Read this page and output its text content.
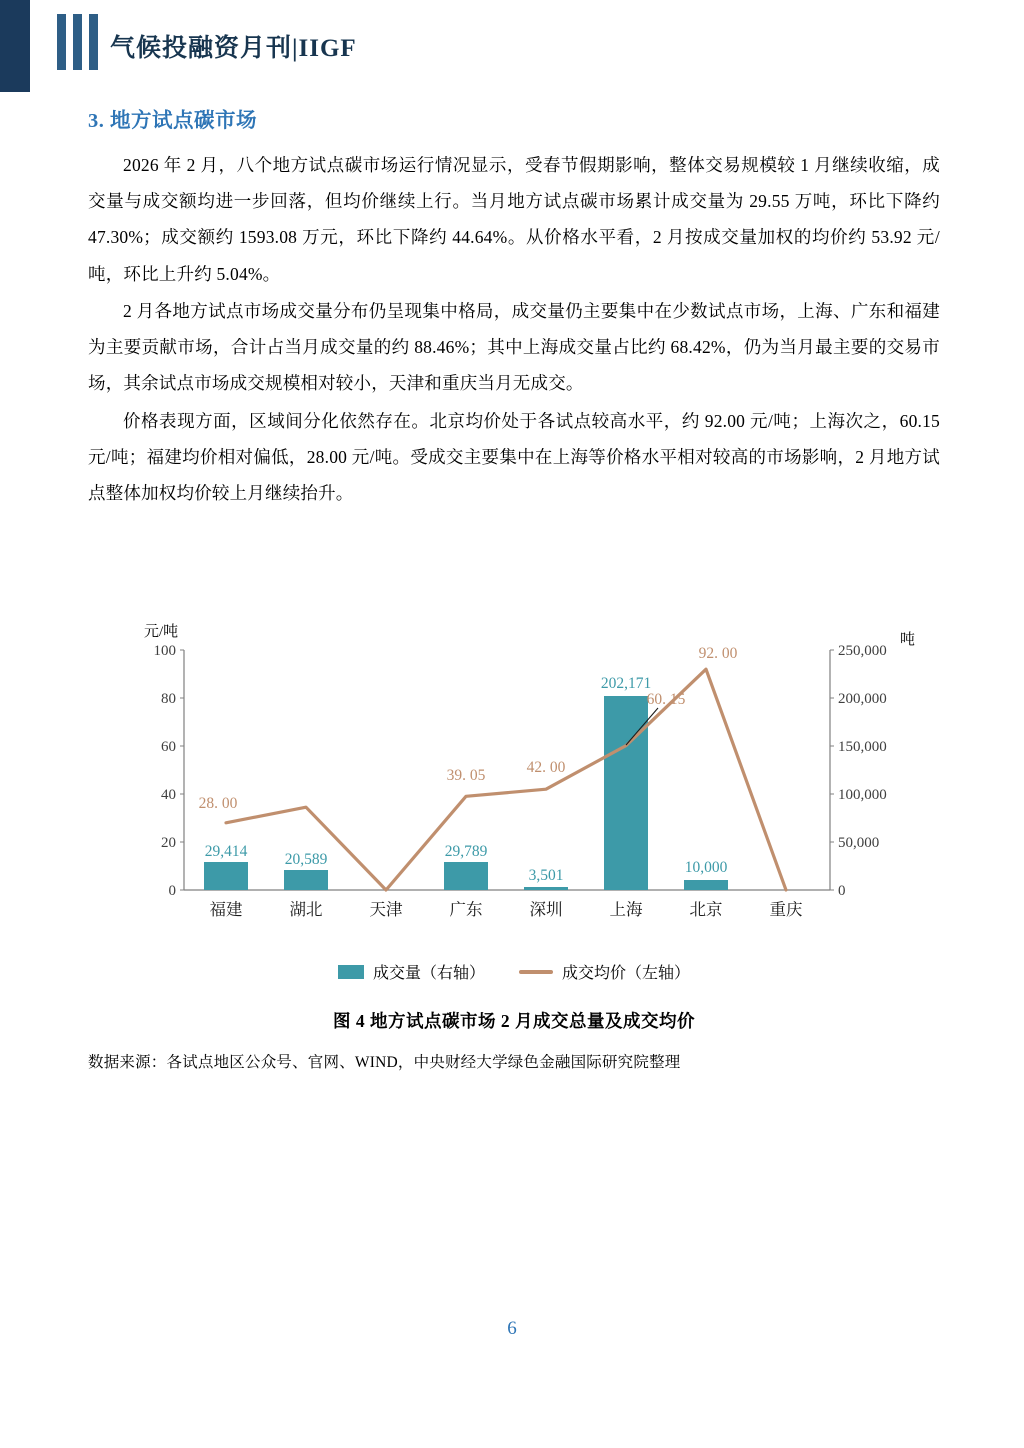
气候投融资月刊|IIGF
3. 地方试点碳市场

2026 年 2 月，八个地方试点碳市场运行情况显示，受春节假期影响，整体交易规模较 1 月继续收缩，成交量与成交额均进一步回落，但均价继续上行。当月地方试点碳市场累计成交量为 29.55 万吨，环比下降约 47.30%；成交额约 1593.08 万元，环比下降约 44.64%。从价格水平看，2 月按成交量加权的均价约 53.92 元/吨，环比上升约 5.04%。

2 月各地方试点市场成交量分布仍呈现集中格局，成交量仍主要集中在少数试点市场，上海、广东和福建为主要贡献市场，合计占当月成交量的约 88.46%；其中上海成交量占比约 68.42%，仍为当月最主要的交易市场，其余试点市场成交规模相对较小，天津和重庆当月无成交。

价格表现方面，区域间分化依然存在。北京均价处于各试点较高水平，约 92.00 元/吨；上海次之，60.15 元/吨；福建均价相对偏低，28.00 元/吨。受成交主要集中在上海等价格水平相对较高的市场影响，2 月地方试点整体加权均价较上月继续抬升。

元/吨	吨
0
20
40
60
80
100
0
50,000
100,000
150,000
200,000
250,000
29,414 20,589	29,789
3,501
202,171
10,000
28. 00
39. 05	42. 00
60. 15
92. 00
福建	湖北	天津	广东	深圳	上海	北京	重庆
成交量（右轴）	成交均价（左轴）
图 4 地方试点碳市场 2 月成交总量及成交均价
数据来源：各试点地区公众号、官网、WIND，中央财经大学绿色金融国际研究院整理
6
